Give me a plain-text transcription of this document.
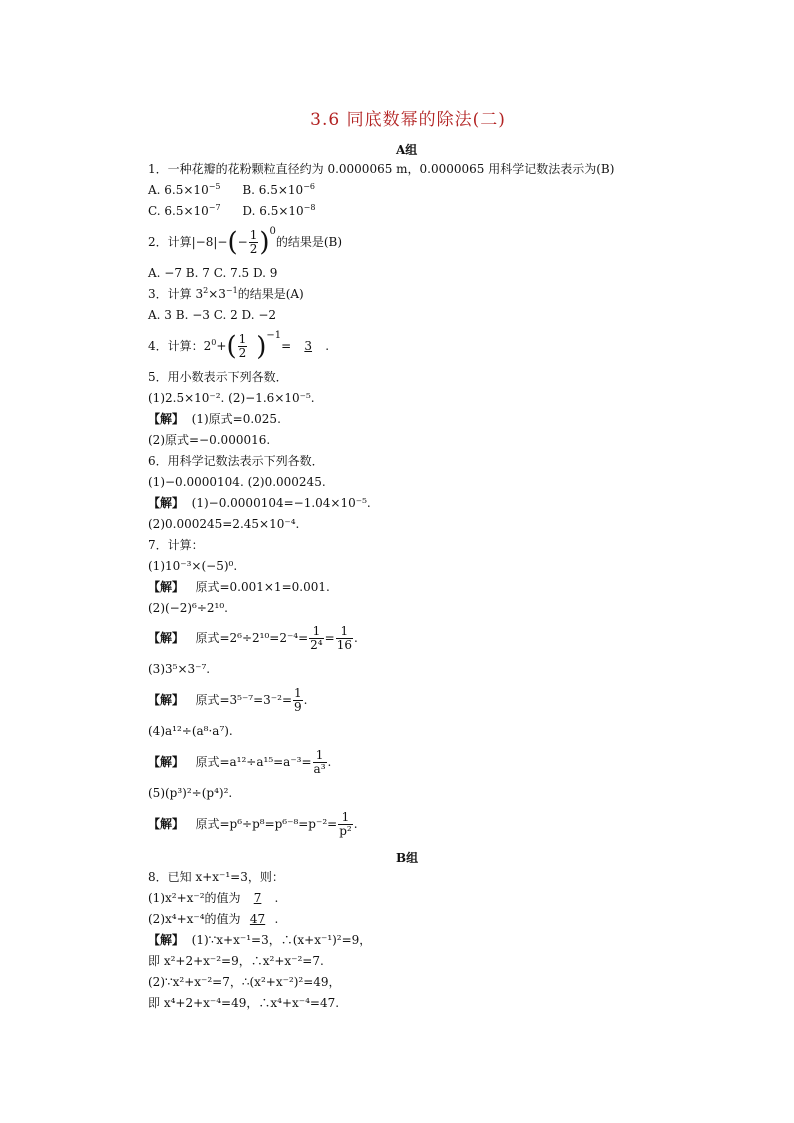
3.6 同底数幂的除法(二)
A组
1．一种花瓣的花粉颗粒直径约为 0.0000065 m，0.0000065 用科学记数法表示为(B)
A. $6.5\times 10^{-5}$ B. $6.5\times 10^{-6}$
C. $6.5\times 10^{-7}$ D. $6.5\times 10^{-8}$
2．计算$|-8|-(- \frac{1}{2} )^0$的结果是(B)
A. −7 B. 7 C. 7.5 D. 9
3．计算 $3^2\times 3^{-1}$的结果是(A)
A. 3 B. −3 C. 2 D. −2
4．计算：$2^0+( \frac{1}{2} )^{-1}= 3$ .
5．用小数表示下列各数．
(1)2.5×10⁻². (2)−1.6×10⁻⁵.
【解】 (1)原式=0.025.
(2)原式=−0.000016.
6．用科学记数法表示下列各数．
(1)−0.0000104. (2)0.000245.
【解】 (1)−0.0000104=−1.04×10⁻⁵.
(2)0.000245=2.45×10⁻⁴.
7．计算：
(1)10⁻³×(−5)⁰.
【解】 原式=0.001×1=0.001.
(2)(−2)⁶÷2¹⁰.
【解】 原式$=2^6\div 2^{10}=2^{-4}= \frac{1}{\text{2⁴}} = \frac{1}{16}$ .
(3)3⁵×3⁻⁷.
【解】 原式$=3^{5-7}=3^{-2}= \frac{1}{9}$ .
(4)a¹²÷(a⁸·a⁷).
【解】 原式$=a^{12}\div a^{15}=a^{-3}= \frac{1}{\text{a³}}$ .
(5)(p³)²÷(p⁴)².
【解】 原式$=p^6\div p^8=p^{6-8}=p^{-2}= \frac{1}{\text{p²}}$ .
B组
8．已知 x+x⁻¹=3，则：
(1)x²+x⁻²的值为 7 .
(2)x⁴+x⁻⁴的值为 47 .
【解】 (1)∵x+x⁻¹=3，∴(x+x⁻¹)²=9，
即 x²+2+x⁻²=9，∴x²+x⁻²=7.
(2)∵x²+x⁻²=7，∴(x²+x⁻²)²=49，
即 x⁴+2+x⁻⁴=49，∴x⁴+x⁻⁴=47.
